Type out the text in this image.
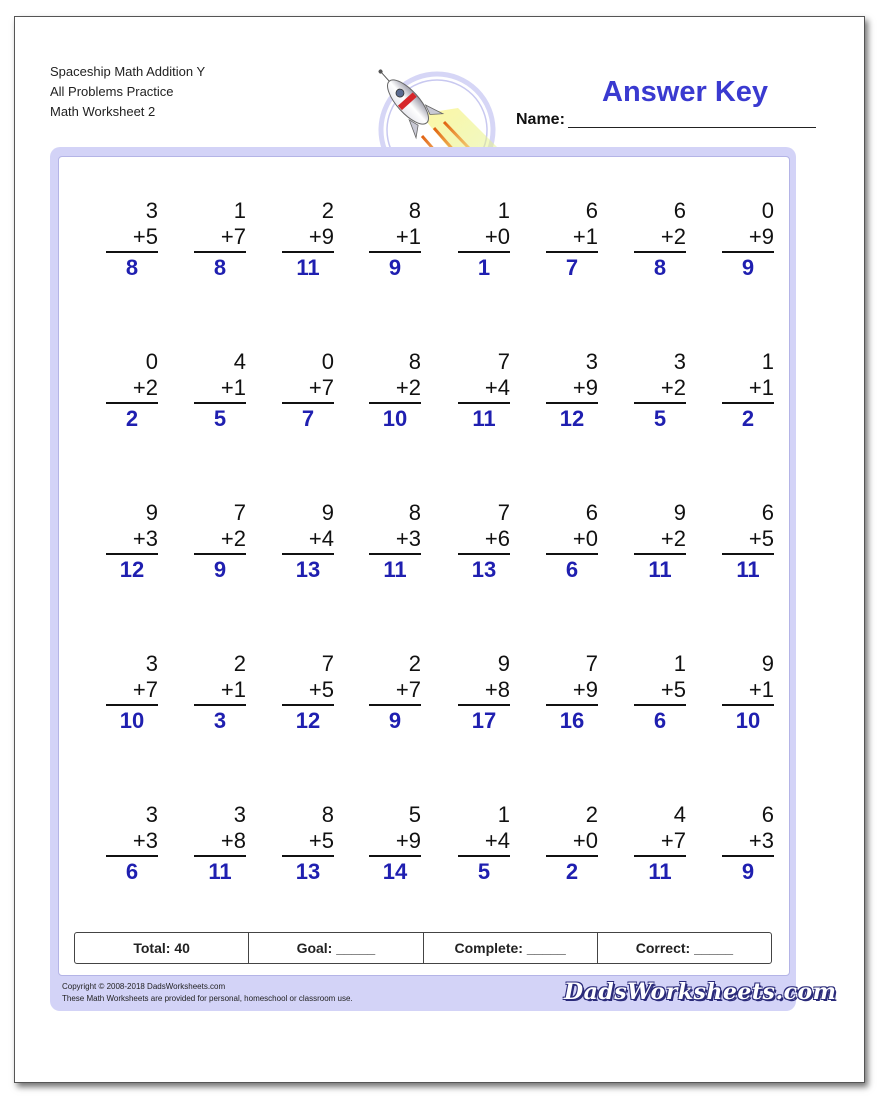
Spaceship Math Addition Y
All Problems Practice
Math Worksheet 2	Name:
Answer Key
3
+5
8
1
+7
8
2
+9
11
8
+1
9
1
+0
1
6
+1
7
6
+2
8
0
+9
9
0
+2
2
4
+1
5
0
+7
7
8
+2
10
7
+4
11
3
+9
12
3
+2
5
1
+1
2
9
+3
12
7
+2
9
9
+4
13
8
+3
11
7
+6
13
6
+0
6
9
+2
11
6
+5
11
3
+7
10
2
+1
3
7
+5
12
2
+7
9
9
+8
17
7
+9
16
1
+5
6
9
+1
10
3
+3
6
3
+8
11
8
+5
13
5
+9
14
1
+4
5
2
+0
2
4
+7
11
6
+3
9
Total: 40	Goal: _____	Complete: _____	Correct: _____
Copyright © 2008-2018 DadsWorksheets.com
These Math Worksheets are provided for personal, homeschool or classroom use.	DadsWorksheets.com
